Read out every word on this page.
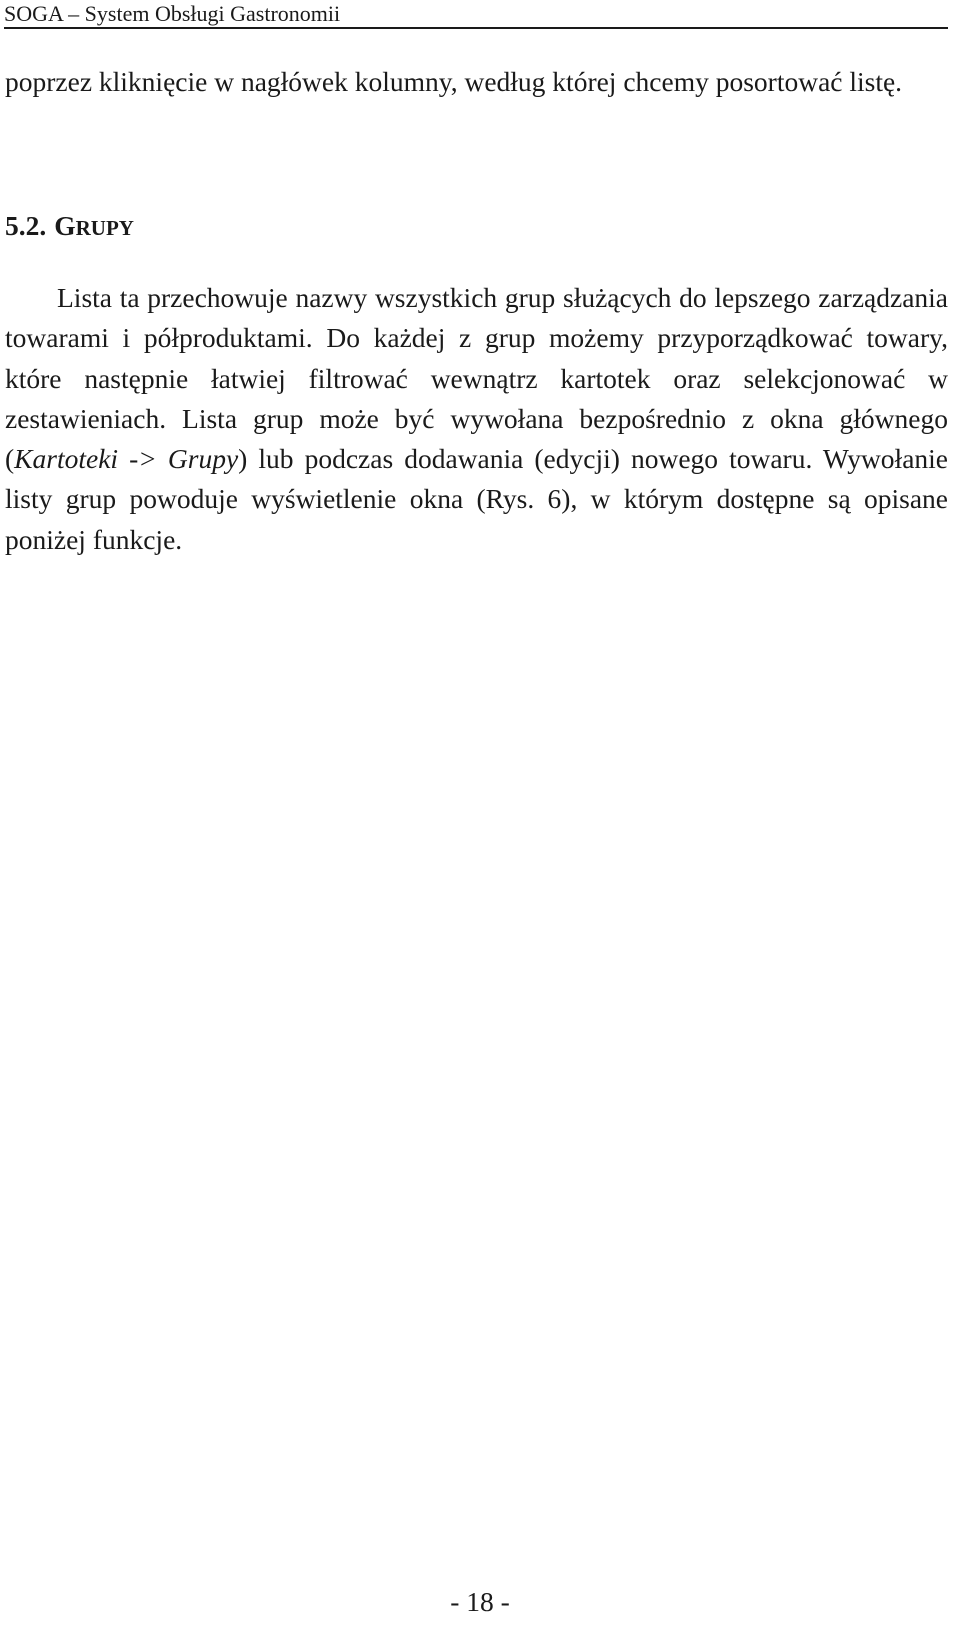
SOGA – System Obsługi Gastronomii

poprzez kliknięcie w nagłówek kolumny, według której chcemy posortować listę.

5.2. GRUPY

Lista ta przechowuje nazwy wszystkich grup służących do lepszego zarządzania towarami i półproduktami. Do każdej z grup możemy przyporządkować towary, które następnie łatwiej filtrować wewnątrz kartotek oraz selekcjonować w zestawieniach. Lista grup może być wywołana bezpośrednio z okna głównego (Kartoteki -> Grupy) lub podczas dodawania (edycji) nowego towaru. Wywołanie listy grup powoduje wyświetlenie okna (Rys. 6), w którym dostępne są opisane poniżej funkcje.

- 18 -
